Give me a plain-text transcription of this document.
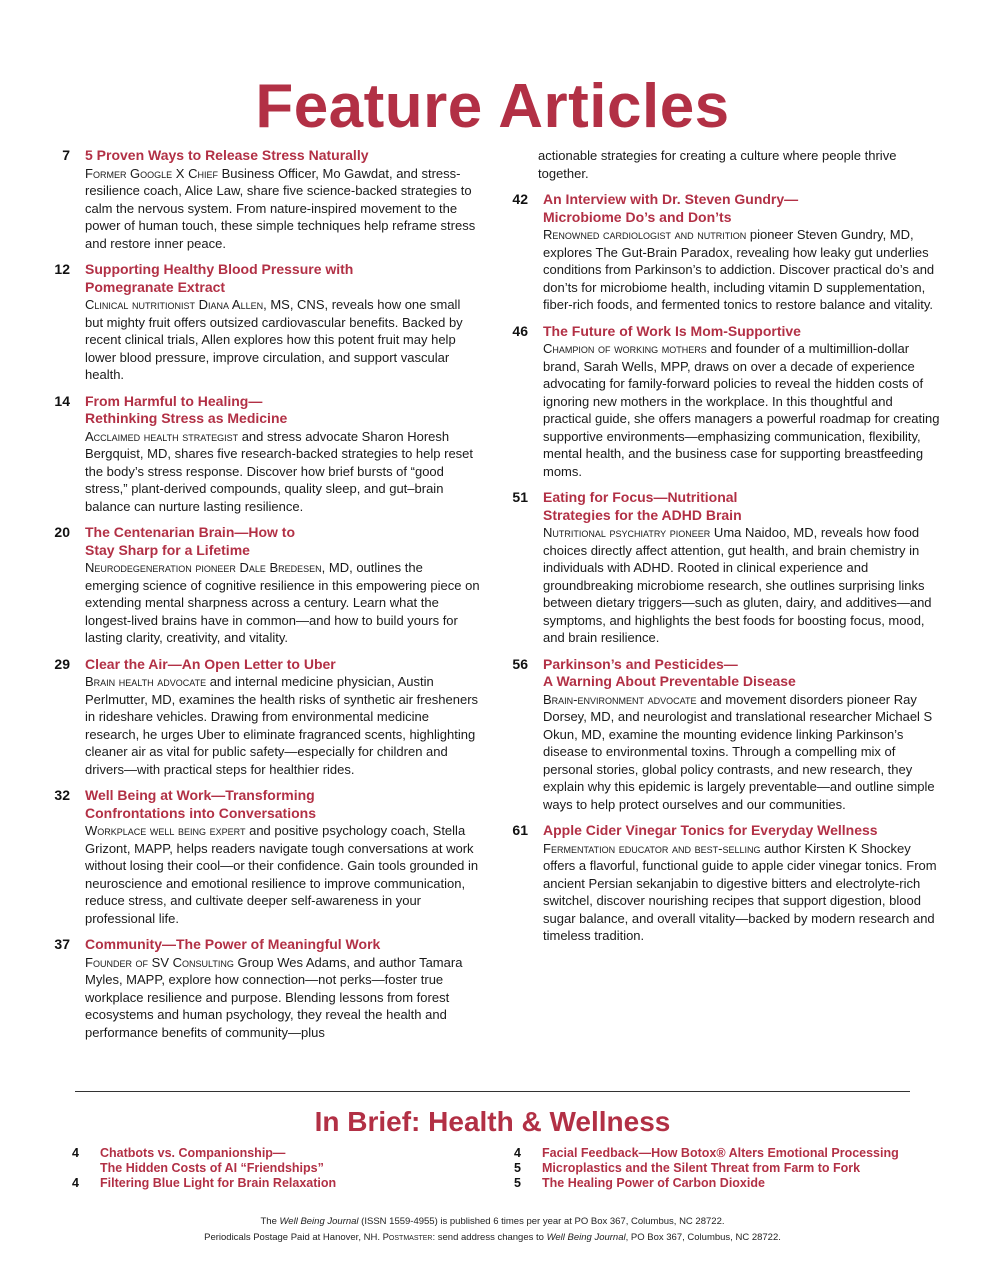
Feature Articles
7	5 Proven Ways to Release Stress Naturally
Former Google X Chief Business Officer, Mo Gawdat, and stress-resilience coach, Alice Law, share five science-backed strategies to calm the nervous system. From nature-inspired movement to the power of human touch, these simple techniques help reframe stress and restore inner peace.
12	Supporting Healthy Blood Pressure with
Pomegranate Extract
Clinical nutritionist Diana Allen, MS, CNS, reveals how one small but mighty fruit offers outsized cardiovascular benefits. Backed by recent clinical trials, Allen explores how this potent fruit may help lower blood pressure, improve circulation, and support vascular health.
14	From Harmful to Healing—
Rethinking Stress as Medicine
Acclaimed health strategist and stress advocate Sharon Horesh Bergquist, MD, shares five research-backed strategies to help reset the body’s stress response. Discover how brief bursts of “good stress,” plant-derived compounds, quality sleep, and gut–brain balance can nurture lasting resilience.
20	The Centenarian Brain—How to
Stay Sharp for a Lifetime
Neurodegeneration pioneer Dale Bredesen, MD, outlines the emerging science of cognitive resilience in this empowering piece on extending mental sharpness across a century. Learn what the longest-lived brains have in common—and how to build yours for lasting clarity, creativity, and vitality.
29	Clear the Air—An Open Letter to Uber
Brain health advocate and internal medicine physician, Austin Perlmutter, MD, examines the health risks of synthetic air fresheners in rideshare vehicles. Drawing from environmental medicine research, he urges Uber to eliminate fragranced scents, highlighting cleaner air as vital for public safety—especially for children and drivers—with practical steps for healthier rides.
32	Well Being at Work—Transforming
Confrontations into Conversations
Workplace well being expert and positive psychology coach, Stella Grizont, MAPP, helps readers navigate tough conversations at work without losing their cool—or their confidence. Gain tools grounded in neuroscience and emotional resilience to improve communication, reduce stress, and cultivate deeper self-awareness in your professional life.
37	Community—The Power of Meaningful Work
Founder of SV Consulting Group Wes Adams, and author Tamara Myles, MAPP, explore how connection—not perks—foster true workplace resilience and purpose. Blending lessons from forest ecosystems and human psychology, they reveal the health and performance benefits of community—plus
actionable strategies for creating a culture where people thrive together.
42	An Interview with Dr. Steven Gundry—
Microbiome Do’s and Don’ts
Renowned cardiologist and nutrition pioneer Steven Gundry, MD, explores The Gut-Brain Paradox, revealing how leaky gut underlies conditions from Parkinson’s to addiction. Discover practical do’s and don’ts for microbiome health, including vitamin D supplementation, fiber-rich foods, and fermented tonics to restore balance and vitality.
46	The Future of Work Is Mom-Supportive
Champion of working mothers and founder of a multimillion-dollar brand, Sarah Wells, MPP, draws on over a decade of experience advocating for family-forward policies to reveal the hidden costs of ignoring new mothers in the workplace. In this thoughtful and practical guide, she offers managers a powerful roadmap for creating supportive environments—emphasizing communication, flexibility, mental health, and the business case for supporting breastfeeding moms.
51	Eating for Focus—Nutritional
Strategies for the ADHD Brain
Nutritional psychiatry pioneer Uma Naidoo, MD, reveals how food choices directly affect attention, gut health, and brain chemistry in individuals with ADHD. Rooted in clinical experience and groundbreaking microbiome research, she outlines surprising links between dietary triggers—such as gluten, dairy, and additives—and symptoms, and highlights the best foods for boosting focus, mood, and brain resilience.
56	Parkinson’s and Pesticides—
A Warning About Preventable Disease
Brain-environment advocate and movement disorders pioneer Ray Dorsey, MD, and neurologist and translational researcher Michael S Okun, MD, examine the mounting evidence linking Parkinson’s disease to environmental toxins. Through a compelling mix of personal stories, global policy contrasts, and new research, they explain why this epidemic is largely preventable—and outline simple ways to help protect ourselves and our communities.
61	Apple Cider Vinegar Tonics for Everyday Wellness
Fermentation educator and best-selling author Kirsten K Shockey offers a flavorful, functional guide to apple cider vinegar tonics. From ancient Persian sekanjabin to digestive bitters and electrolyte-rich switchel, discover nourishing recipes that support digestion, blood sugar balance, and overall vitality—backed by modern research and timeless tradition.
In Brief: Health & Wellness
4	Chatbots vs. Companionship—
The Hidden Costs of AI “Friendships”
4	Filtering Blue Light for Brain Relaxation
4	Facial Feedback—How Botox® Alters Emotional Processing
5	Microplastics and the Silent Threat from Farm to Fork
5	The Healing Power of Carbon Dioxide
The Well Being Journal (ISSN 1559-4955) is published 6 times per year at PO Box 367, Columbus, NC 28722.
Periodicals Postage Paid at Hanover, NH. Postmaster: send address changes to Well Being Journal, PO Box 367, Columbus, NC 28722.
